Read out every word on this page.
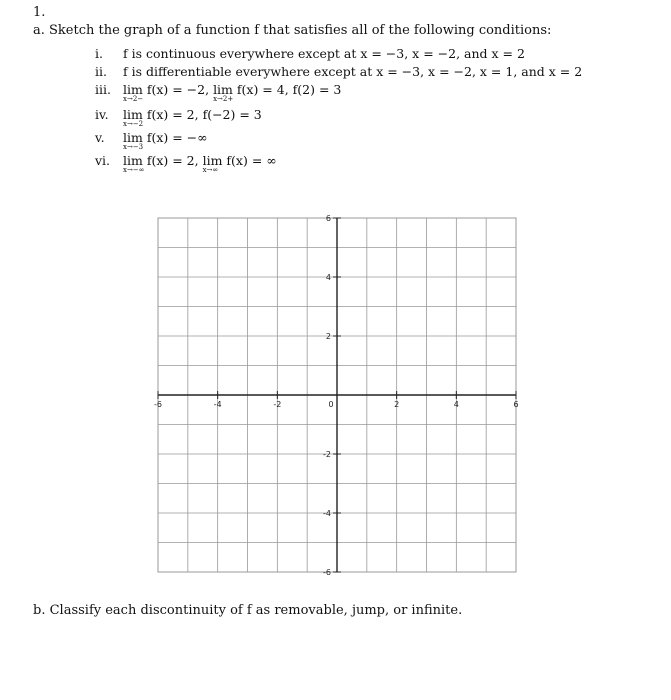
1.
a. Sketch the graph of a function f that satisfies all of the following conditions:
i. f is continuous everywhere except at x = −3, x = −2, and x = 2
ii. f is differentiable everywhere except at x = −3, x = −2, x = 1, and x = 2
iii. lim
x→2−
f(x) = −2, lim
x→2+
f(x) = 4, f(2) = 3
iv. lim
x→−2
f(x) = 2, f(−2) = 3
v. lim
x→−3
f(x) = −∞
vi. lim
x→−∞
f(x) = 2, lim
x→∞
f(x) = ∞
-6	-4	-2	0	2	4	6
6
4
2
-2
-4
-6
b. Classify each discontinuity of f as removable, jump, or infinite.
